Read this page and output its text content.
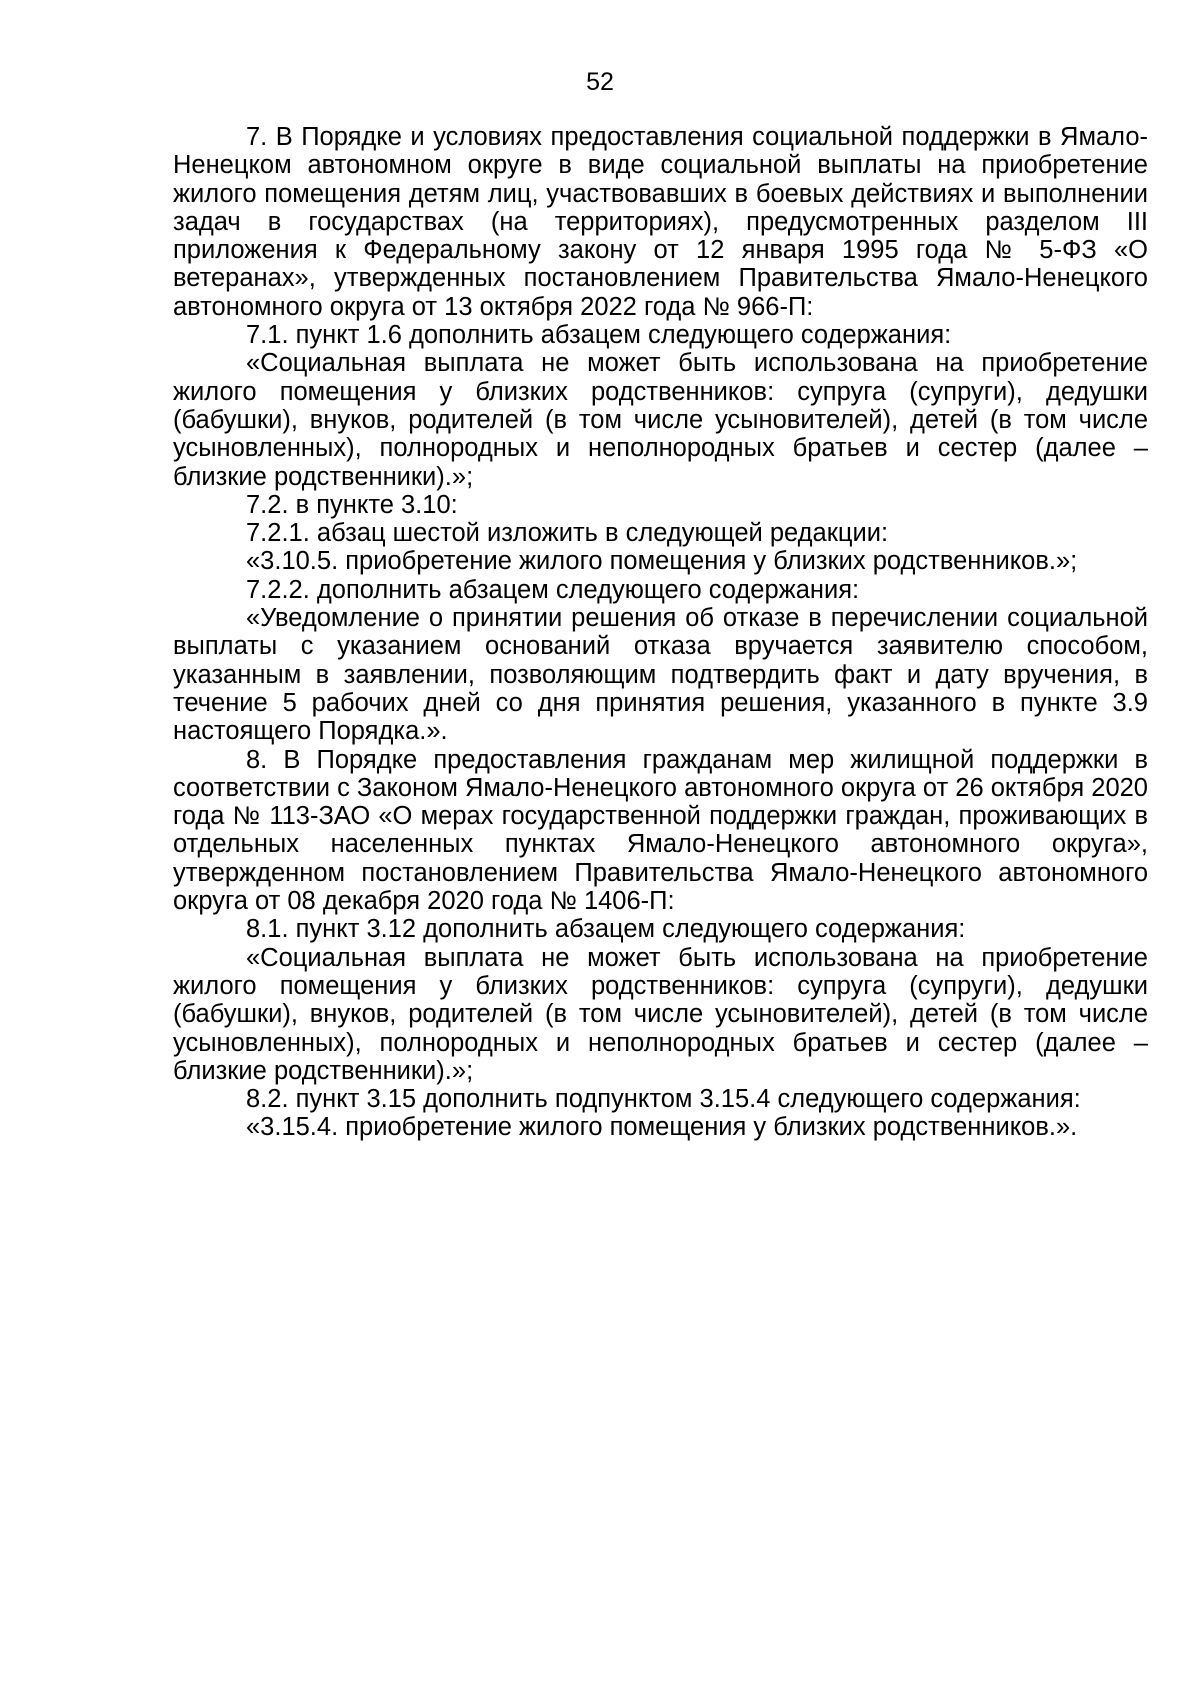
52

7. В Порядке и условиях предоставления социальной поддержки в Ямало-Ненецком автономном округе в виде социальной выплаты на приобретение жилого помещения детям лиц, участвовавших в боевых действиях и выполнении задач в государствах (на территориях), предусмотренных разделом III приложения к Федеральному закону от 12 января 1995 года № 5-ФЗ «О ветеранах», утвержденных постановлением Правительства Ямало-Ненецкого автономного округа от 13 октября 2022 года № 966-П:

7.1. пункт 1.6 дополнить абзацем следующего содержания:

«Социальная выплата не может быть использована на приобретение жилого помещения у близких родственников: супруга (супруги), дедушки (бабушки), внуков, родителей (в том числе усыновителей), детей (в том числе усыновленных), полнородных и неполнородных братьев и сестер (далее – близкие родственники).»;

7.2. в пункте 3.10:

7.2.1. абзац шестой изложить в следующей редакции:

«3.10.5. приобретение жилого помещения у близких родственников.»;

7.2.2. дополнить абзацем следующего содержания:

«Уведомление о принятии решения об отказе в перечислении социальной выплаты с указанием оснований отказа вручается заявителю способом, указанным в заявлении, позволяющим подтвердить факт и дату вручения, в течение 5 рабочих дней со дня принятия решения, указанного в пункте 3.9 настоящего Порядка.».

8. В Порядке предоставления гражданам мер жилищной поддержки в соответствии с Законом Ямало-Ненецкого автономного округа от 26 октября 2020 года № 113-ЗАО «О мерах государственной поддержки граждан, проживающих в отдельных населенных пунктах Ямало-Ненецкого автономного округа», утвержденном постановлением Правительства Ямало-Ненецкого автономного округа от 08 декабря 2020 года № 1406-П:

8.1. пункт 3.12 дополнить абзацем следующего содержания:

«Социальная выплата не может быть использована на приобретение жилого помещения у близких родственников: супруга (супруги), дедушки (бабушки), внуков, родителей (в том числе усыновителей), детей (в том числе усыновленных), полнородных и неполнородных братьев и сестер (далее – близкие родственники).»;

8.2. пункт 3.15 дополнить подпунктом 3.15.4 следующего содержания:

«3.15.4. приобретение жилого помещения у близких родственников.».
